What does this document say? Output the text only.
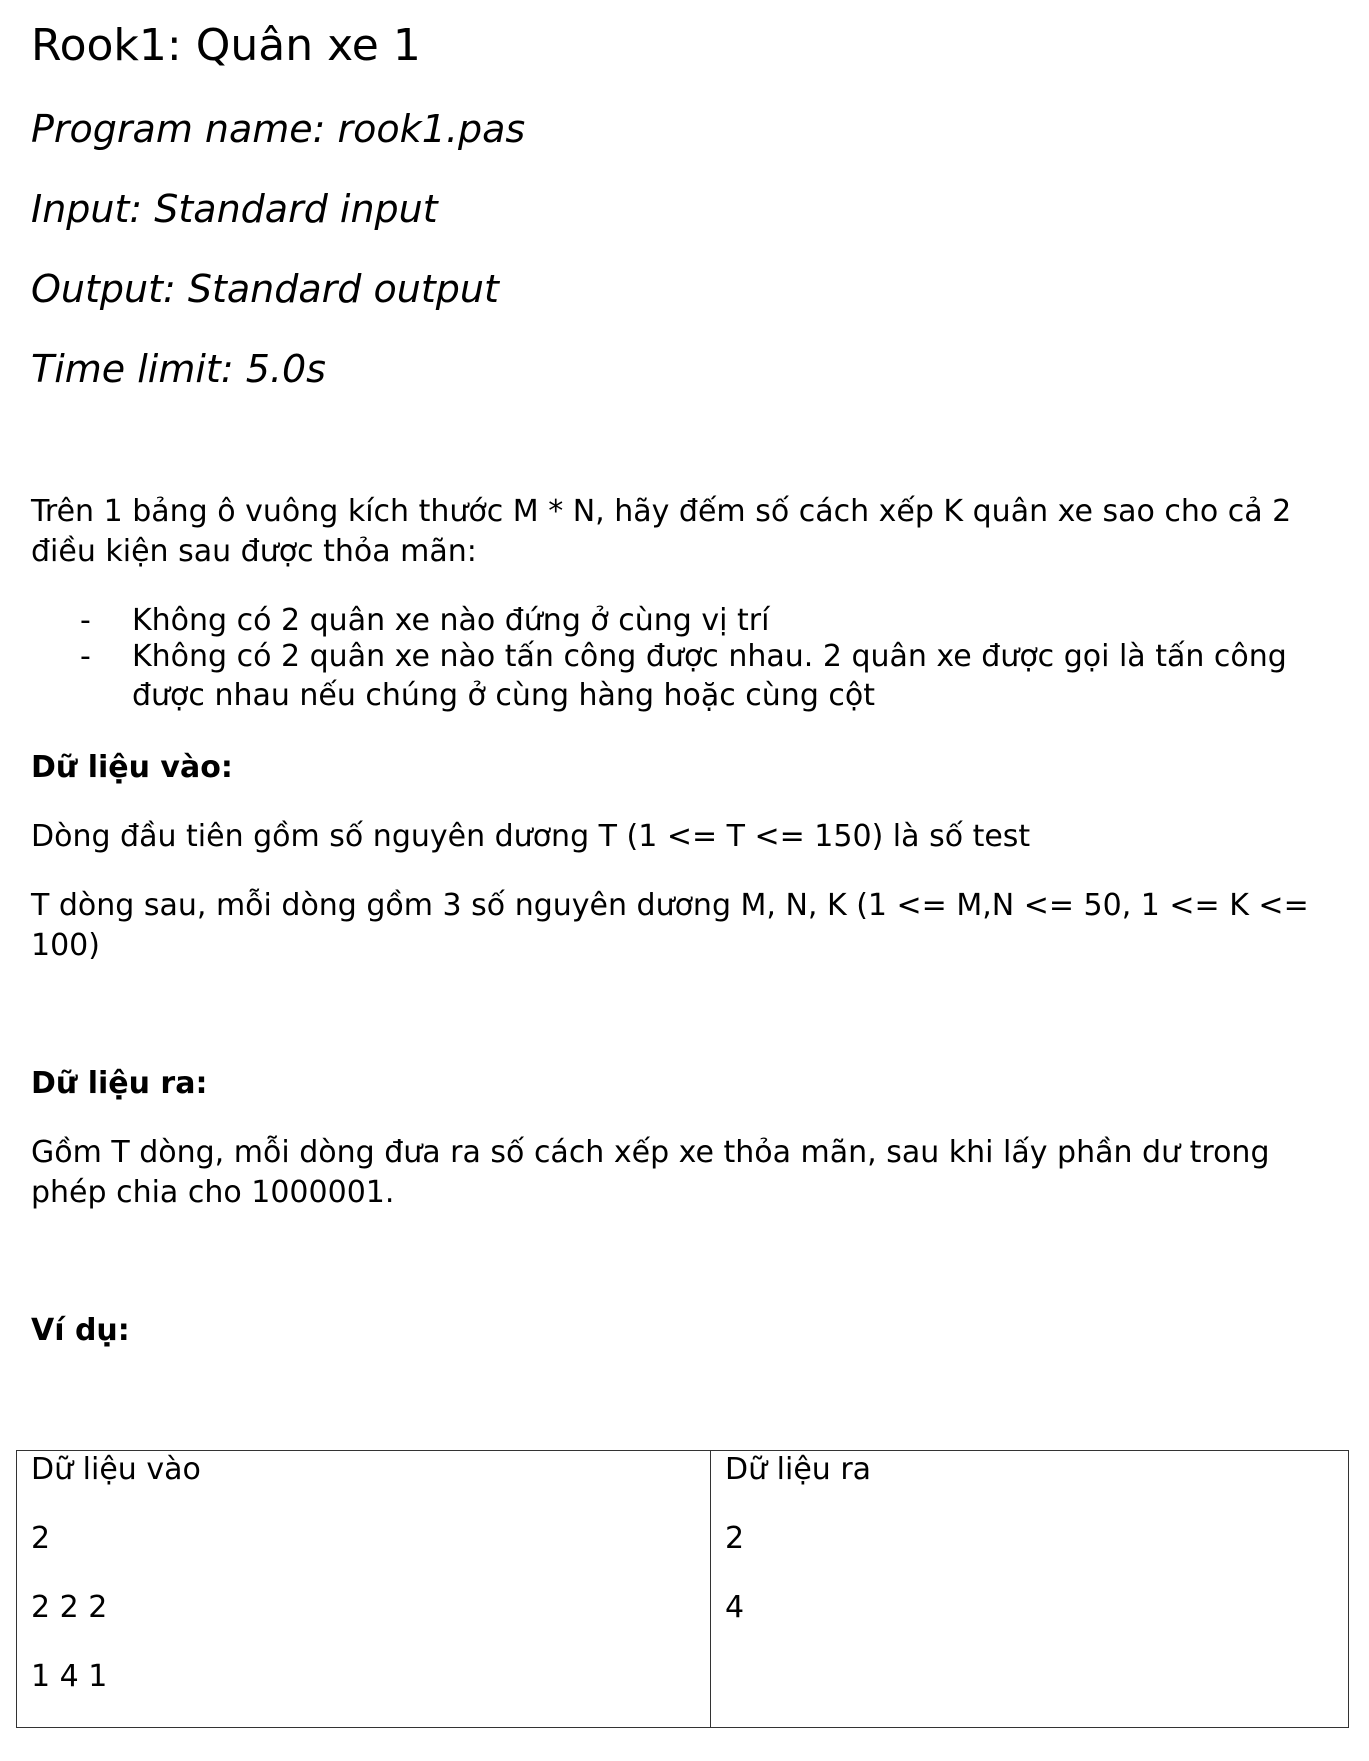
Rook1: Quân xe 1
Program name: rook1.pas
Input: Standard input
Output: Standard output
Time limit: 5.0s
Trên 1 bảng ô vuông kích thước M * N, hãy đếm số cách xếp K quân xe sao cho cả 2 điều kiện sau được thỏa mãn:
- Không có 2 quân xe nào đứng ở cùng vị trí
- Không có 2 quân xe nào tấn công được nhau. 2 quân xe được gọi là tấn công
được nhau nếu chúng ở cùng hàng hoặc cùng cột
Dữ liệu vào:
Dòng đầu tiên gồm số nguyên dương T (1 <= T <= 150) là số test
T dòng sau, mỗi dòng gồm 3 số nguyên dương M, N, K (1 <= M,N <= 50, 1 <= K <= 100)
Dữ liệu ra:
Gồm T dòng, mỗi dòng đưa ra số cách xếp xe thỏa mãn, sau khi lấy phần dư trong phép chia cho 1000001.
Ví dụ:
Dữ liệu vào
2
2 2 2
1 4 1

Dữ liệu ra
2
4
